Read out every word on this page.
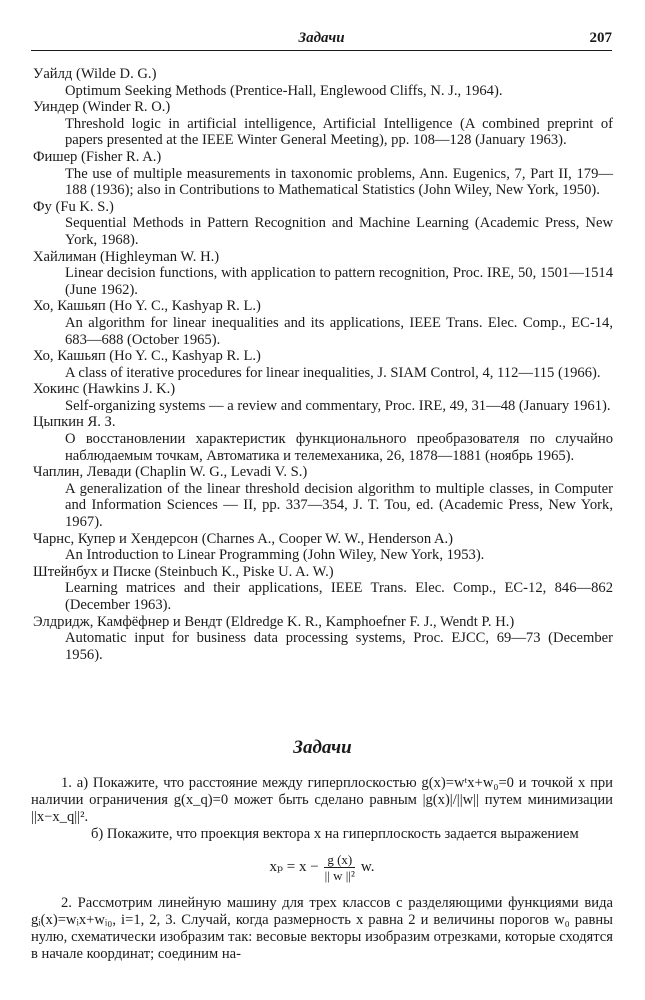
Задачи	207
Уайлд (Wilde D. G.)
Optimum Seeking Methods (Prentice-Hall, Englewood Cliffs, N. J., 1964).
Уиндер (Winder R. O.)
Threshold logic in artificial intelligence, Artificial Intelligence (A combined preprint of papers presented at the IEEE Winter General Meeting), pp. 108—128 (January 1963).
Фишер (Fisher R. A.)
The use of multiple measurements in taxonomic problems, Ann. Eugenics, 7, Part II, 179—188 (1936); also in Contributions to Mathematical Statistics (John Wiley, New York, 1950).
Фу (Fu K. S.)
Sequential Methods in Pattern Recognition and Machine Learning (Academic Press, New York, 1968).
Хайлиман (Highleyman W. H.)
Linear decision functions, with application to pattern recognition, Proc. IRE, 50, 1501—1514 (June 1962).
Хо, Кашьяп (Ho Y. C., Kashyap R. L.)
An algorithm for linear inequalities and its applications, IEEE Trans. Elec. Comp., EC-14, 683—688 (October 1965).
Хо, Кашьяп (Ho Y. C., Kashyap R. L.)
A class of iterative procedures for linear inequalities, J. SIAM Control, 4, 112—115 (1966).
Хокинс (Hawkins J. K.)
Self-organizing systems — a review and commentary, Proc. IRE, 49, 31—48 (January 1961).
Цыпкин Я. З.
О восстановлении характеристик функционального преобразователя по случайно наблюдаемым точкам, Автоматика и телемеханика, 26, 1878—1881 (ноябрь 1965).
Чаплин, Левади (Chaplin W. G., Levadi V. S.)
A generalization of the linear threshold decision algorithm to multiple classes, in Computer and Information Sciences — II, pp. 337—354, J. T. Tou, ed. (Academic Press, New York, 1967).
Чарнс, Купер и Хендерсон (Charnes A., Cooper W. W., Henderson A.)
An Introduction to Linear Programming (John Wiley, New York, 1953).
Штейнбух и Писке (Steinbuch K., Piske U. A. W.)
Learning matrices and their applications, IEEE Trans. Elec. Comp., EC-12, 846—862 (December 1963).
Элдридж, Камфёфнер и Вендт (Eldredge K. R., Kamphoefner F. J., Wendt P. H.)
Automatic input for business data processing systems, Proc. EJCC, 69—73 (December 1956).
Задачи

1. а) Покажите, что расстояние между гиперплоскостью g(x)=wᵗx+w₀=0 и точкой x при наличии ограничения g(x_q)=0 может быть сделано равным |g(x)|/||w|| путем минимизации ||x−x_q||².

б) Покажите, что проекция вектора x на гиперплоскость задается выражением

$x_p = x - \frac{g (x)}{\text{|| w ||²}} w$.

2. Рассмотрим линейную машину для трех классов с разделяющими функциями вида gᵢ(x)=wᵢx+wᵢ₀, i=1, 2, 3. Случай, когда размерность x равна 2 и величины порогов w₀ равны нулю, схематически изобразим так: весовые векторы изобразим отрезками, которые сходятся в начале координат; соединим на-
